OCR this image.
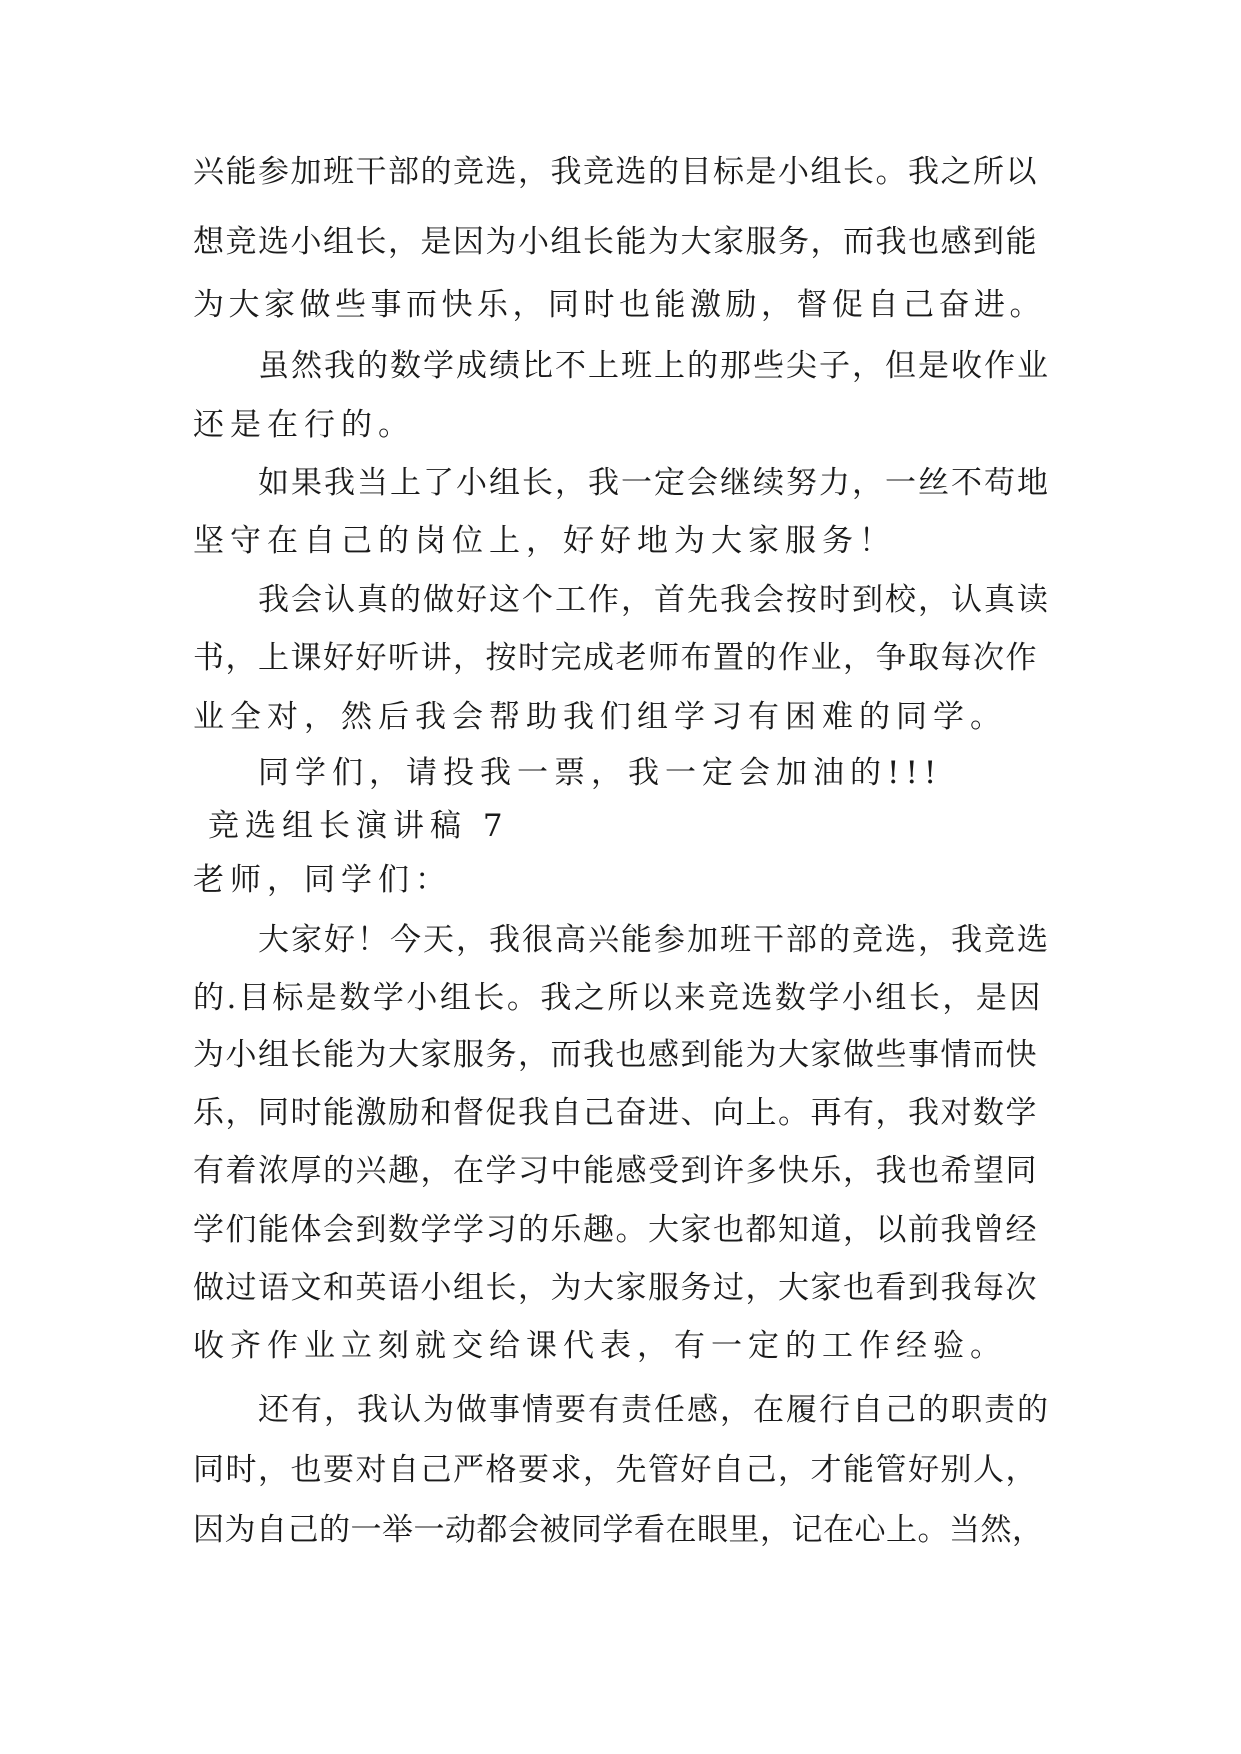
兴能参加班干部的竞选，我竞选的目标是小组长。我之所以
想竞选小组长，是因为小组长能为大家服务，而我也感到能
为大家做些事而快乐，同时也能激励，督促自己奋进。
虽然我的数学成绩比不上班上的那些尖子，但是收作业
还是在行的。
如果我当上了小组长，我一定会继续努力，一丝不苟地
坚守在自己的岗位上，好好地为大家服务！
我会认真的做好这个工作，首先我会按时到校，认真读
书，上课好好听讲，按时完成老师布置的作业，争取每次作
业全对，然后我会帮助我们组学习有困难的同学。
同学们，请投我一票，我一定会加油的!!!
竞选组长演讲稿 7
老师，同学们：
大家好！今天，我很高兴能参加班干部的竞选，我竞选
的.目标是数学小组长。我之所以来竞选数学小组长，是因
为小组长能为大家服务，而我也感到能为大家做些事情而快
乐，同时能激励和督促我自己奋进、向上。再有，我对数学
有着浓厚的兴趣，在学习中能感受到许多快乐，我也希望同
学们能体会到数学学习的乐趣。大家也都知道，以前我曾经
做过语文和英语小组长，为大家服务过，大家也看到我每次
收齐作业立刻就交给课代表，有一定的工作经验。
还有，我认为做事情要有责任感，在履行自己的职责的
同时，也要对自己严格要求，先管好自己，才能管好别人，
因为自己的一举一动都会被同学看在眼里，记在心上。当然，
